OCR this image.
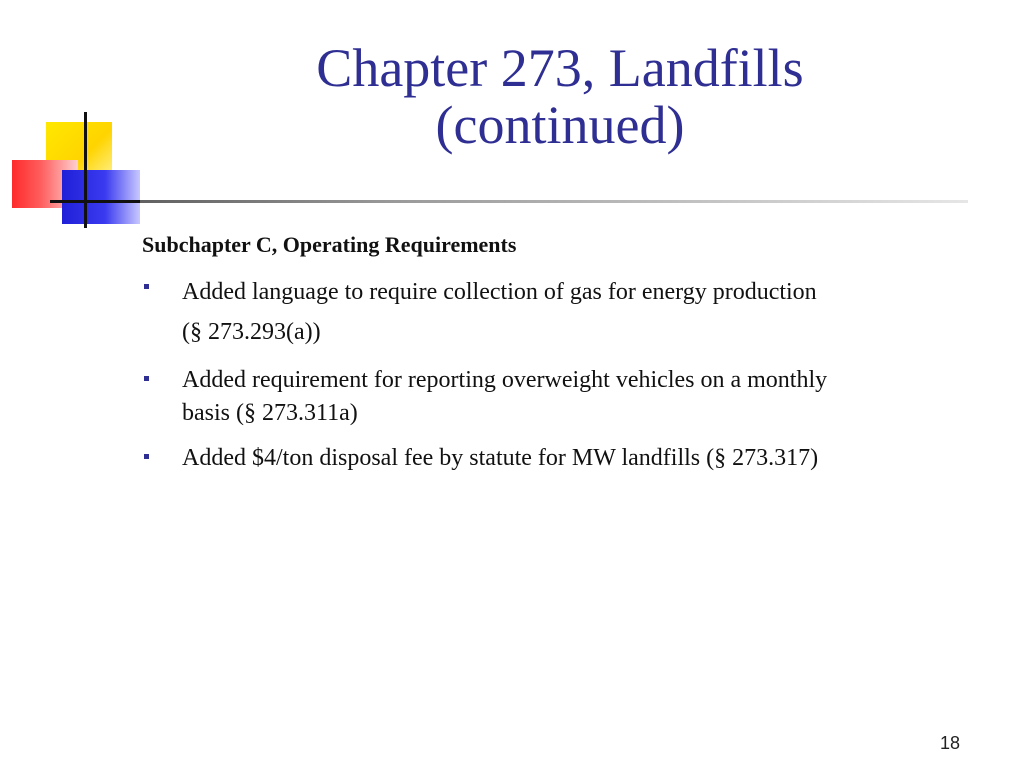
Chapter 273, Landfills
(continued)
Subchapter C, Operating Requirements
Added language to require collection of gas for energy production
(§ 273.293(a))
Added requirement for reporting overweight vehicles on a monthly
basis (§ 273.311a)
Added $4/ton disposal fee by statute for MW landfills (§ 273.317)
18
